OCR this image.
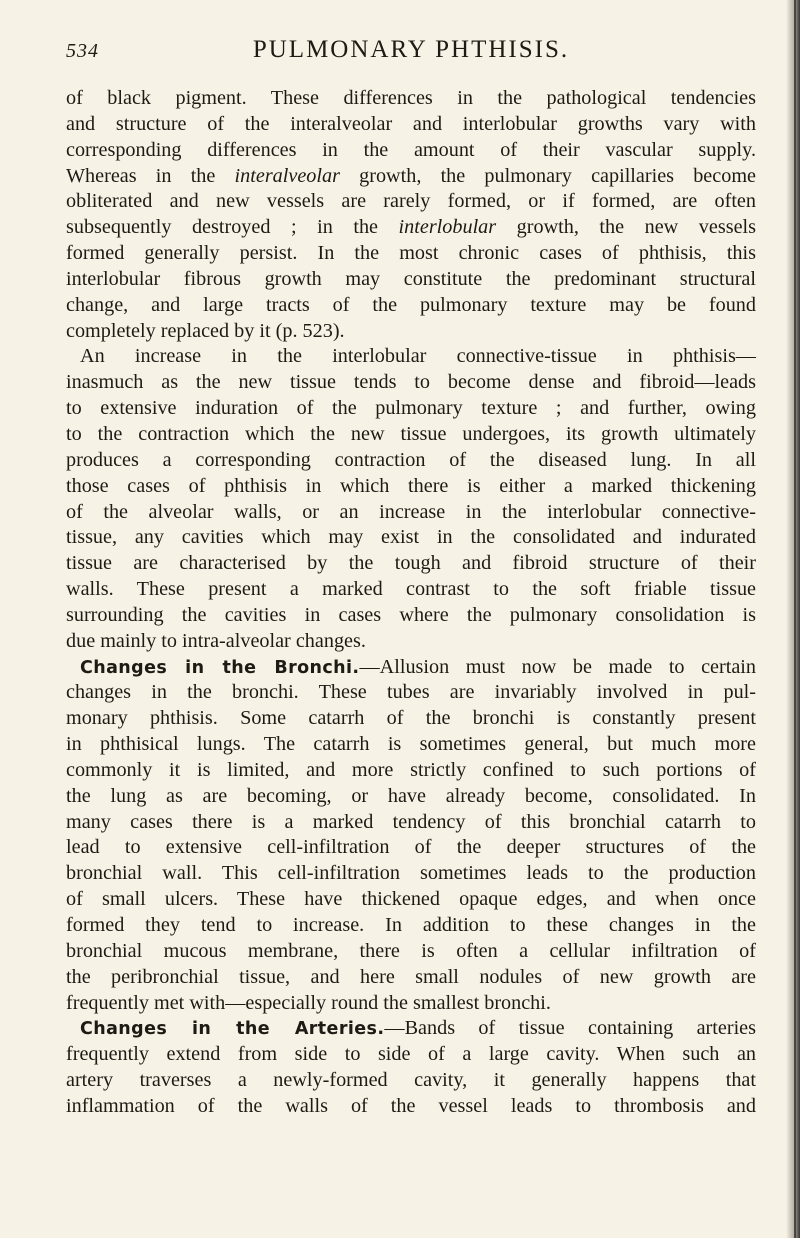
534	PULMONARY PHTHISIS.
of black pigment. These differences in the pathological tendencies
and structure of the interalveolar and interlobular growths vary with
corresponding differences in the amount of their vascular supply.
Whereas in the interalveolar growth, the pulmonary capillaries become
obliterated and new vessels are rarely formed, or if formed, are often
subsequently destroyed ; in the interlobular growth, the new vessels
formed generally persist. In the most chronic cases of phthisis, this
interlobular fibrous growth may constitute the predominant structural
change, and large tracts of the pulmonary texture may be found
completely replaced by it (p. 523).
An increase in the interlobular connective-tissue in phthisis—
inasmuch as the new tissue tends to become dense and fibroid—leads
to extensive induration of the pulmonary texture ; and further, owing
to the contraction which the new tissue undergoes, its growth ultimately
produces a corresponding contraction of the diseased lung. In all
those cases of phthisis in which there is either a marked thickening
of the alveolar walls, or an increase in the interlobular connective-
tissue, any cavities which may exist in the consolidated and indurated
tissue are characterised by the tough and fibroid structure of their
walls. These present a marked contrast to the soft friable tissue
surrounding the cavities in cases where the pulmonary consolidation is
due mainly to intra-alveolar changes.
Changes in the Bronchi.—Allusion must now be made to certain
changes in the bronchi. These tubes are invariably involved in pul-
monary phthisis. Some catarrh of the bronchi is constantly present
in phthisical lungs. The catarrh is sometimes general, but much more
commonly it is limited, and more strictly confined to such portions of
the lung as are becoming, or have already become, consolidated. In
many cases there is a marked tendency of this bronchial catarrh to
lead to extensive cell-infiltration of the deeper structures of the
bronchial wall. This cell-infiltration sometimes leads to the production
of small ulcers. These have thickened opaque edges, and when once
formed they tend to increase. In addition to these changes in the
bronchial mucous membrane, there is often a cellular infiltration of
the peribronchial tissue, and here small nodules of new growth are
frequently met with—especially round the smallest bronchi.
Changes in the Arteries.—Bands of tissue containing arteries
frequently extend from side to side of a large cavity. When such an
artery traverses a newly-formed cavity, it generally happens that
inflammation of the walls of the vessel leads to thrombosis and
